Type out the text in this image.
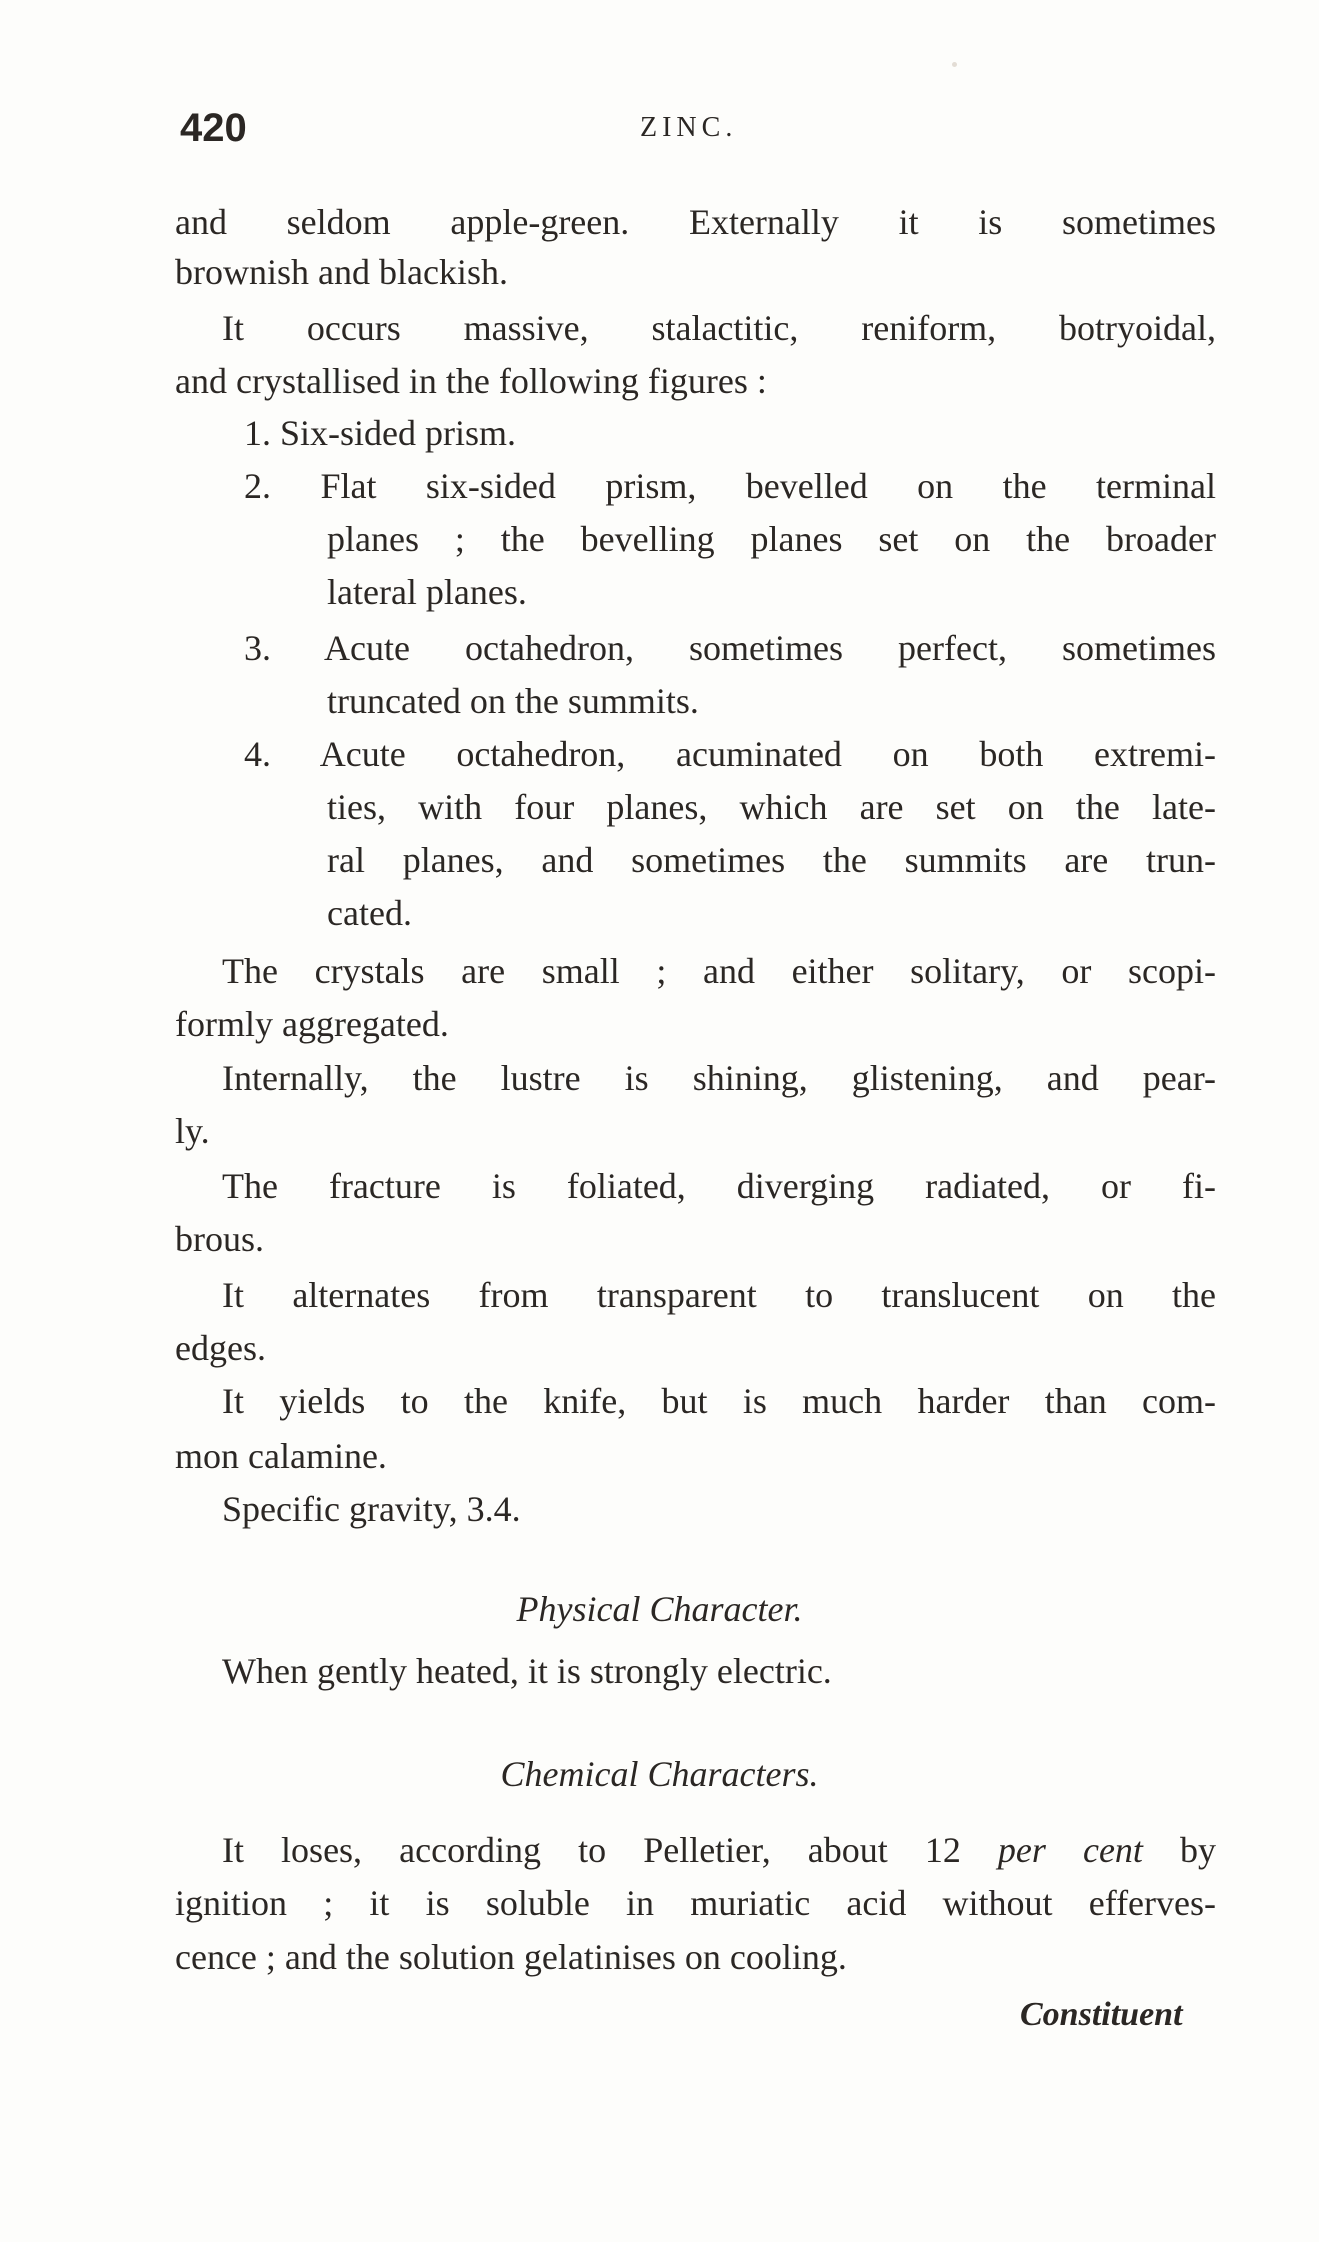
420	ZINC.
and seldom apple-green. Externally it is sometimes
brownish and blackish.
It occurs massive, stalactitic, reniform, botryoidal,
and crystallised in the following figures :
1. Six-sided prism.
2. Flat six-sided prism, bevelled on the terminal
planes ; the bevelling planes set on the broader
lateral planes.
3. Acute octahedron, sometimes perfect, sometimes
truncated on the summits.
4. Acute octahedron, acuminated on both extremi-
ties, with four planes, which are set on the late-
ral planes, and sometimes the summits are trun-
cated.
The crystals are small ; and either solitary, or scopi-
formly aggregated.
Internally, the lustre is shining, glistening, and pear-
ly.
The fracture is foliated, diverging radiated, or fi-
brous.
It alternates from transparent to translucent on the
edges.
It yields to the knife, but is much harder than com-
mon calamine.
Specific gravity, 3.4.
Physical Character.
When gently heated, it is strongly electric.
Chemical Characters.
It loses, according to Pelletier, about 12 per cent by
ignition ; it is soluble in muriatic acid without efferves-
cence ; and the solution gelatinises on cooling.
Constituent
